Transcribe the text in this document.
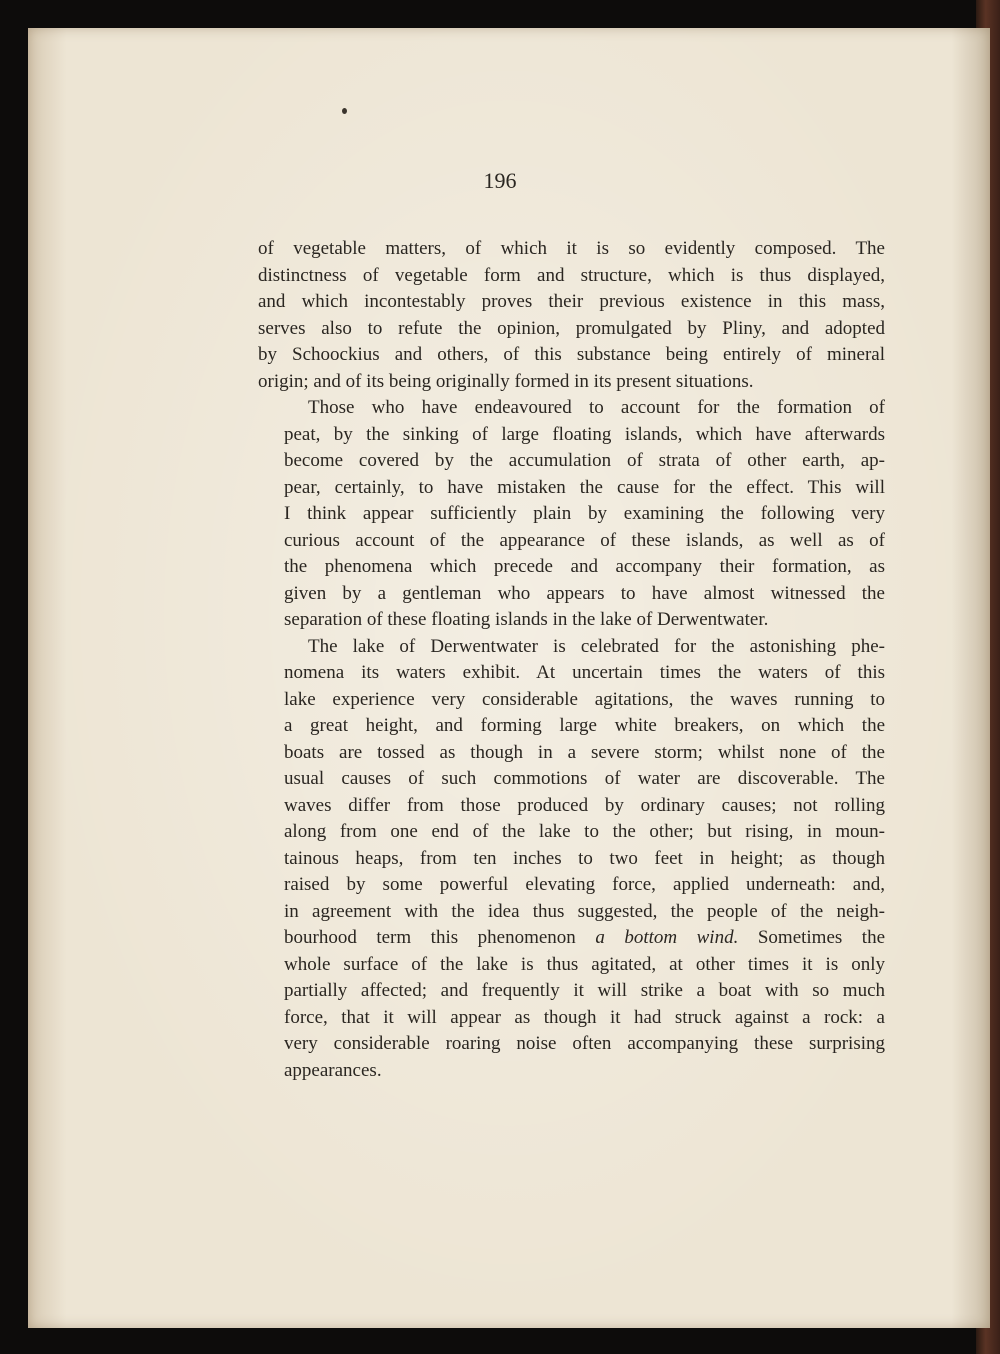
196

of vegetable matters, of which it is so evidently composed. The
distinctness of vegetable form and structure, which is thus displayed,
and which incontestably proves their previous existence in this mass,
serves also to refute the opinion, promulgated by Pliny, and adopted
by Schoockius and others, of this substance being entirely of mineral
origin; and of its being originally formed in its present situations.

Those who have endeavoured to account for the formation of
peat, by the sinking of large floating islands, which have afterwards
become covered by the accumulation of strata of other earth, ap-
pear, certainly, to have mistaken the cause for the effect. This will
I think appear sufficiently plain by examining the following very
curious account of the appearance of these islands, as well as of
the phenomena which precede and accompany their formation, as
given by a gentleman who appears to have almost witnessed the
separation of these floating islands in the lake of Derwentwater.

The lake of Derwentwater is celebrated for the astonishing phe-
nomena its waters exhibit. At uncertain times the waters of this
lake experience very considerable agitations, the waves running to
a great height, and forming large white breakers, on which the
boats are tossed as though in a severe storm; whilst none of the
usual causes of such commotions of water are discoverable. The
waves differ from those produced by ordinary causes; not rolling
along from one end of the lake to the other; but rising, in moun-
tainous heaps, from ten inches to two feet in height; as though
raised by some powerful elevating force, applied underneath: and,
in agreement with the idea thus suggested, the people of the neigh-
bourhood term this phenomenon a bottom wind. Sometimes the
whole surface of the lake is thus agitated, at other times it is only
partially affected; and frequently it will strike a boat with so much
force, that it will appear as though it had struck against a rock: a
very considerable roaring noise often accompanying these surprising
appearances.
